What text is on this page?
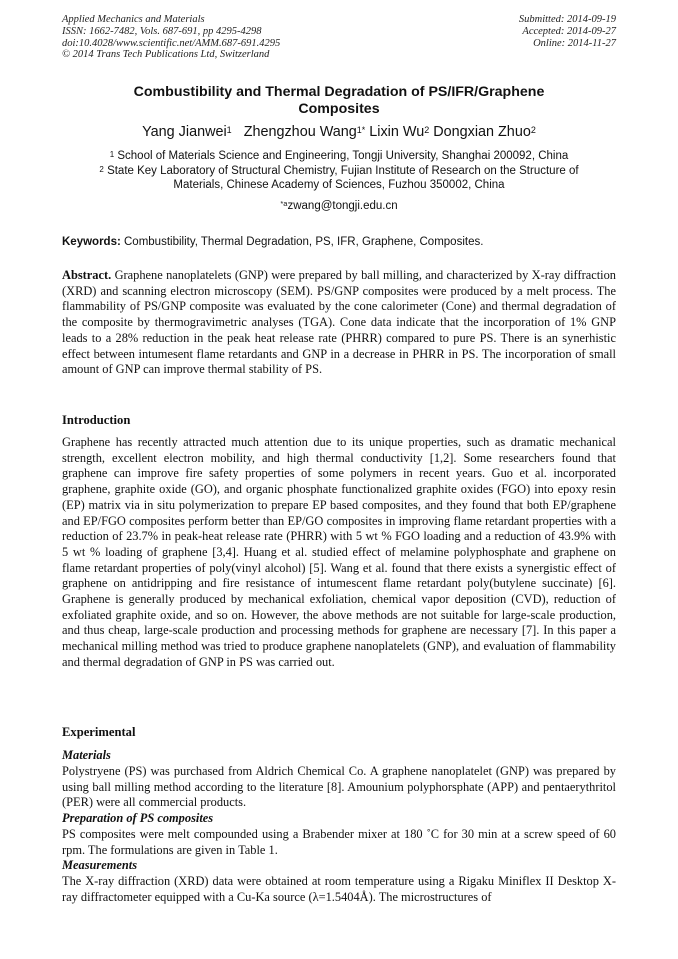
Applied Mechanics and Materials
ISSN: 1662-7482, Vols. 687-691, pp 4295-4298
doi:10.4028/www.scientific.net/AMM.687-691.4295
© 2014 Trans Tech Publications Ltd, Switzerland
Submitted: 2014-09-19
Accepted: 2014-09-27
Online: 2014-11-27
Combustibility and Thermal Degradation of PS/IFR/Graphene
Composites
Yang Jianwei$^1$ Zhengzhou Wang$^{1*}$ Lixin Wu$^2$ Dongxian Zhuo$^2$
$^1$ School of Materials Science and Engineering, Tongji University, Shanghai 200092, China
$^2$ State Key Laboratory of Structural Chemistry, Fujian Institute of Research on the Structure of
Materials, Chinese Academy of Sciences, Fuzhou 350002, China
$^{*a}$zwang@tongji.edu.cn
Keywords: Combustibility, Thermal Degradation, PS, IFR, Graphene, Composites.
Abstract. Graphene nanoplatelets (GNP) were prepared by ball milling, and characterized by X-ray diffraction (XRD) and scanning electron microscopy (SEM). PS/GNP composites were produced by a melt process. The flammability of PS/GNP composite was evaluated by the cone calorimeter (Cone) and thermal degradation of the composite by thermogravimetric analyses (TGA). Cone data indicate that the incorporation of 1% GNP leads to a 28% reduction in the peak heat release rate (PHRR) compared to pure PS. There is an synerhistic effect between intumesent flame retardants and GNP in a decrease in PHRR in PS. The incorporation of small amount of GNP can improve thermal stability of PS.
Introduction
Graphene has recently attracted much attention due to its unique properties, such as dramatic mechanical strength, excellent electron mobility, and high thermal conductivity [1,2]. Some researchers found that graphene can improve fire safety properties of some polymers in recent years. Guo et al. incorporated graphene, graphite oxide (GO), and organic phosphate functionalized graphite oxides (FGO) into epoxy resin (EP) matrix via in situ polymerization to prepare EP based composites, and they found that both EP/graphene and EP/FGO composites perform better than EP/GO composites in improving flame retardant properties with a reduction of 23.7% in peak-heat release rate (PHRR) with 5 wt % FGO loading and a reduction of 43.9% with 5 wt % loading of graphene [3,4]. Huang et al. studied effect of melamine polyphosphate and graphene on flame retardant properties of poly(vinyl alcohol) [5]. Wang et al. found that there exists a synergistic effect of graphene on antidripping and fire resistance of intumescent flame retardant poly(butylene succinate) [6]. Graphene is generally produced by mechanical exfoliation, chemical vapor deposition (CVD), reduction of exfoliated graphite oxide, and so on. However, the above methods are not suitable for large-scale production, and thus cheap, large-scale production and processing methods for graphene are necessary [7]. In this paper a mechanical milling method was tried to produce graphene nanoplatelets (GNP), and evaluation of flammability and thermal degradation of GNP in PS was carried out.
Experimental
Materials
Polystryene (PS) was purchased from Aldrich Chemical Co. A graphene nanoplatelet (GNP) was prepared by using ball milling method according to the literature [8]. Amounium polyphorsphate (APP) and pentaerythritol (PER) were all commercial products.
Preparation of PS composites
PS composites were melt compounded using a Brabender mixer at 180 ˚C for 30 min at a screw speed of 60 rpm. The formulations are given in Table 1.
Measurements
The X-ray diffraction (XRD) data were obtained at room temperature using a Rigaku Miniflex II Desktop X-ray diffractometer equipped with a Cu-Ka source (λ=1.5404Å). The microstructures of
